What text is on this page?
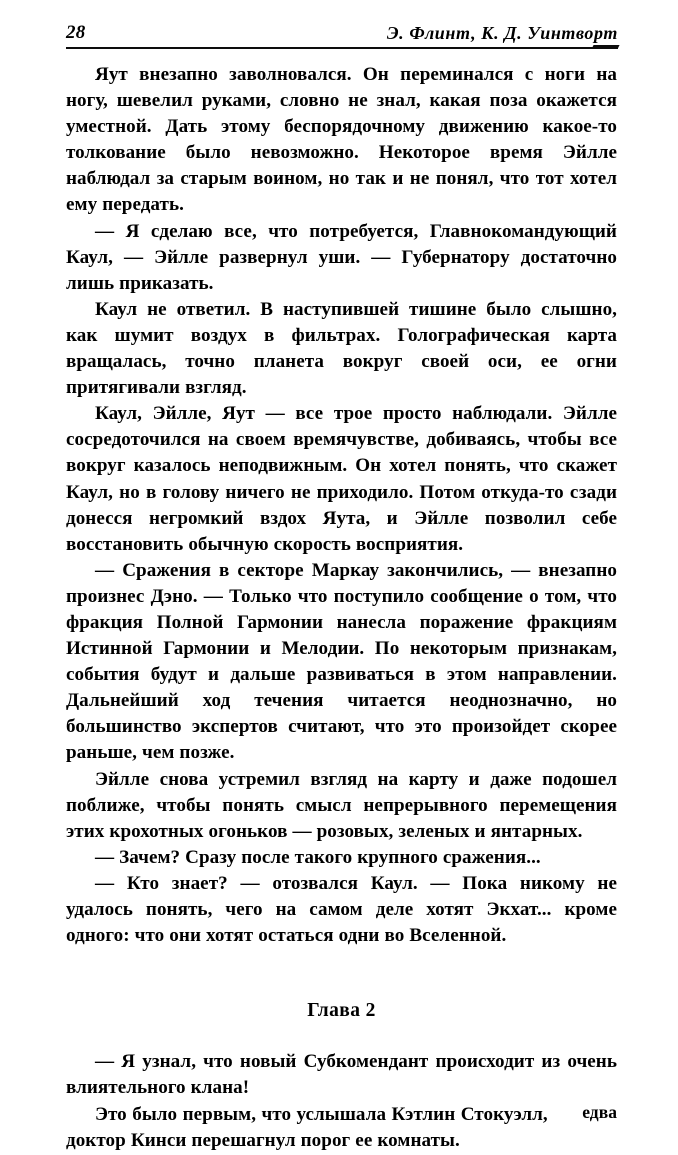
28	Э. Флинт, К. Д. Уинтворт

Яут внезапно заволновался. Он переминался с ноги на ногу, шевелил руками, словно не знал, какая поза окажется уместной. Дать этому беспорядочному движению какое-то толкование было невозможно. Некоторое время Эйлле наблюдал за старым воином, но так и не понял, что тот хотел ему передать.

— Я сделаю все, что потребуется, Главнокомандующий Каул, — Эйлле развернул уши. — Губернатору достаточно лишь приказать.

Каул не ответил. В наступившей тишине было слышно, как шумит воздух в фильтрах. Голографическая карта вращалась, точно планета вокруг своей оси, ее огни притягивали взгляд.

Каул, Эйлле, Яут — все трое просто наблюдали. Эйлле сосредоточился на своем времячувстве, добиваясь, чтобы все вокруг казалось неподвижным. Он хотел понять, что скажет Каул, но в голову ничего не приходило. Потом откуда-то сзади донесся негромкий вздох Яута, и Эйлле позволил себе восстановить обычную скорость восприятия.

— Сражения в секторе Маркау закончились, — внезапно произнес Дэно. — Только что поступило сообщение о том, что фракция Полной Гармонии нанесла поражение фракциям Истинной Гармонии и Мелодии. По некоторым признакам, события будут и дальше развиваться в этом направлении. Дальнейший ход течения читается неоднозначно, но большинство экспертов считают, что это произойдет скорее раньше, чем позже.

Эйлле снова устремил взгляд на карту и даже подошел поближе, чтобы понять смысл непрерывного перемещения этих крохотных огоньков — розовых, зеленых и янтарных.

— Зачем? Сразу после такого крупного сражения...

— Кто знает? — отозвался Каул. — Пока никому не удалось понять, чего на самом деле хотят Экхат... кроме одного: что они хотят остаться одни во Вселенной.

Глава 2

— Я узнал, что новый Субкомендант происходит из очень влиятельного клана!

Это было первым, что услышала Кэтлин Стокуэлл, едва доктор Кинси перешагнул порог ее комнаты.
